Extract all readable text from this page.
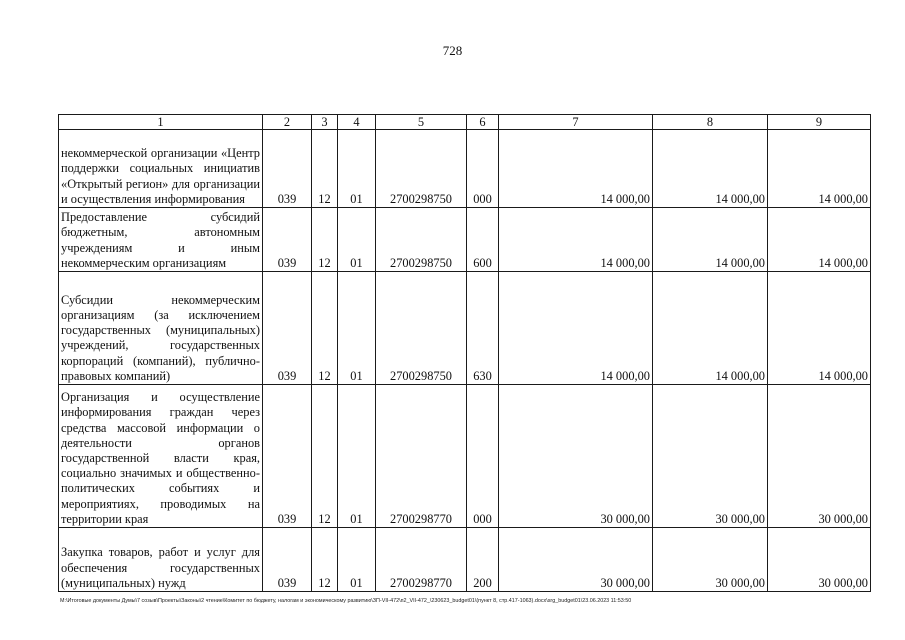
728
1	2	3	4	5	6	7	8	9
некоммерческой организации «Центр поддержки социальных инициатив «Открытый регион» для организации и осуществления информирования	039	12	01	2700298750	000	14 000,00	14 000,00	14 000,00
Предоставление субсидий бюджетным, автономным учреждениям и иным некоммерческим организациям	039	12	01	2700298750	600	14 000,00	14 000,00	14 000,00
Субсидии некоммерческим организациям (за исключением государственных (муниципальных) учреждений, государственных корпораций (компаний), публично-правовых компаний)	039	12	01	2700298750	630	14 000,00	14 000,00	14 000,00
Организация и осуществление информирования граждан через средства массовой информации о деятельности органов государственной власти края, социально значимых и общественно-политических событиях и мероприятиях, проводимых на территории края	039	12	01	2700298770	000	30 000,00	30 000,00	30 000,00
Закупка товаров, работ и услуг для обеспечения государственных (муниципальных) нужд	039	12	01	2700298770	200	30 000,00	30 000,00	30 000,00
M:\Итоговые документы Думы\7 созыв\Проекты\Законы\2 чтение\Комитет по бюджету, налогам и экономическому развитию\ЗП-VII-472\п2_VII-472_\230623_budget01\(пункт 8, стр.417-1063).docx\srg_budget01\23.06.2023 11:53:50
